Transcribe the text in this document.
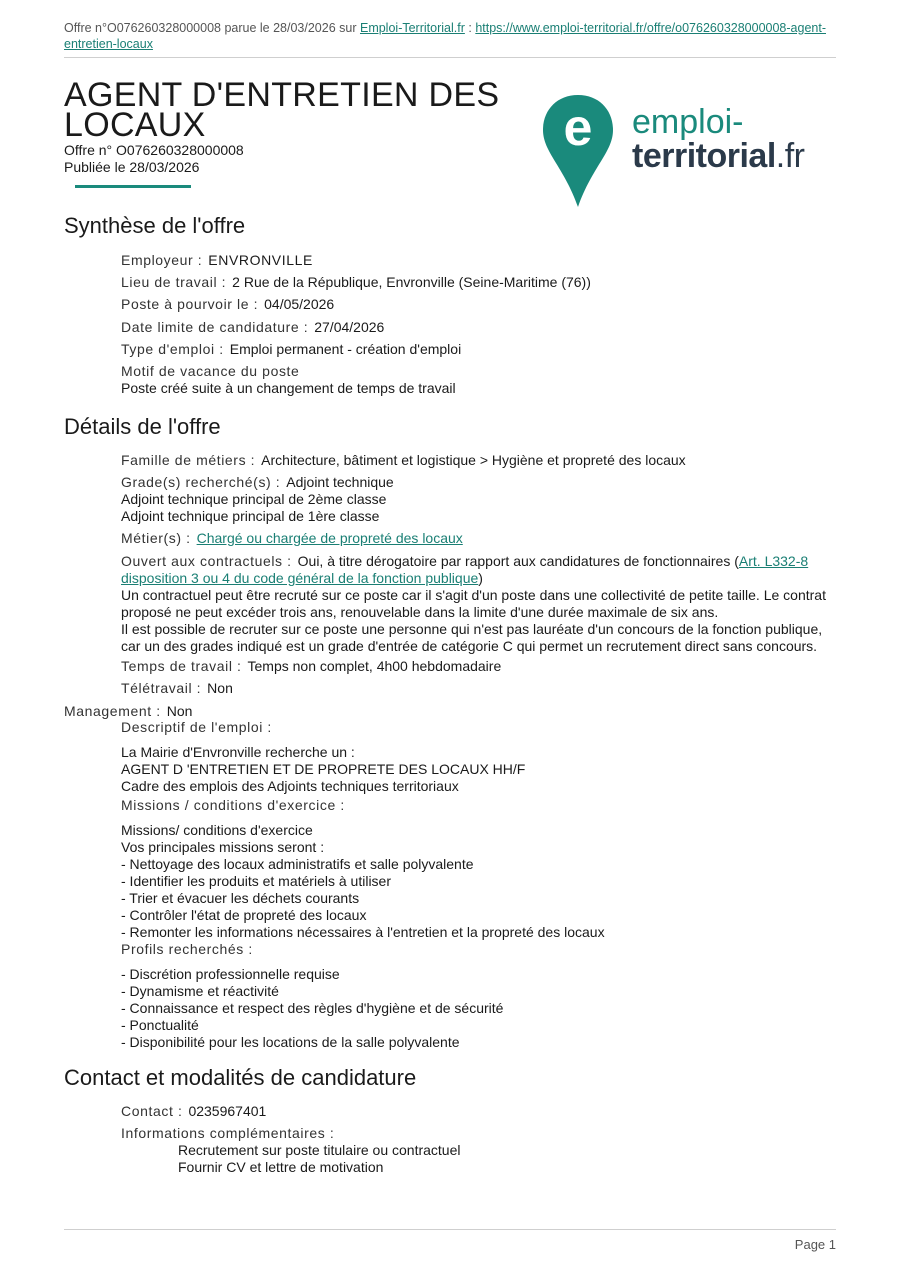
Offre n°O076260328000008 parue le 28/03/2026 sur Emploi-Territorial.fr : https://www.emploi-territorial.fr/offre/o076260328000008-agent-entretien-locaux
AGENT D'ENTRETIEN DES LOCAUX
Offre n° O076260328000008
Publiée le 28/03/2026
e emploi-
territorial.fr
Synthèse de l'offre
Employeur : ENVRONVILLE
Lieu de travail : 2 Rue de la République, Envronville (Seine-Maritime (76))
Poste à pourvoir le : 04/05/2026
Date limite de candidature : 27/04/2026
Type d'emploi : Emploi permanent - création d'emploi
Motif de vacance du poste
Poste créé suite à un changement de temps de travail
Détails de l'offre
Famille de métiers : Architecture, bâtiment et logistique > Hygiène et propreté des locaux
Grade(s) recherché(s) : Adjoint technique
Adjoint technique principal de 2ème classe
Adjoint technique principal de 1ère classe
Métier(s) : Chargé ou chargée de propreté des locaux
Ouvert aux contractuels : Oui, à titre dérogatoire par rapport aux candidatures de fonctionnaires (Art. L332-8 disposition 3 ou 4 du code général de la fonction publique)
Un contractuel peut être recruté sur ce poste car il s'agit d'un poste dans une collectivité de petite taille. Le contrat proposé ne peut excéder trois ans, renouvelable dans la limite d'une durée maximale de six ans.
Il est possible de recruter sur ce poste une personne qui n'est pas lauréate d'un concours de la fonction publique, car un des grades indiqué est un grade d'entrée de catégorie C qui permet un recrutement direct sans concours.
Temps de travail : Temps non complet, 4h00 hebdomadaire
Télétravail : Non
Management : Non
Descriptif de l'emploi :
La Mairie d'Envronville recherche un :
AGENT D 'ENTRETIEN ET DE PROPRETE DES LOCAUX HH/F
Cadre des emplois des Adjoints techniques territoriaux
Missions / conditions d'exercice :
Missions/ conditions d'exercice
Vos principales missions seront :
- Nettoyage des locaux administratifs et salle polyvalente
- Identifier les produits et matériels à utiliser
- Trier et évacuer les déchets courants
- Contrôler l'état de propreté des locaux
- Remonter les informations nécessaires à l'entretien et la propreté des locaux
Profils recherchés :
- Discrétion professionnelle requise
- Dynamisme et réactivité
- Connaissance et respect des règles d'hygiène et de sécurité
- Ponctualité
- Disponibilité pour les locations de la salle polyvalente
Contact et modalités de candidature
Contact : 0235967401
Informations complémentaires :
Recrutement sur poste titulaire ou contractuel
Fournir CV et lettre de motivation
Page 1
